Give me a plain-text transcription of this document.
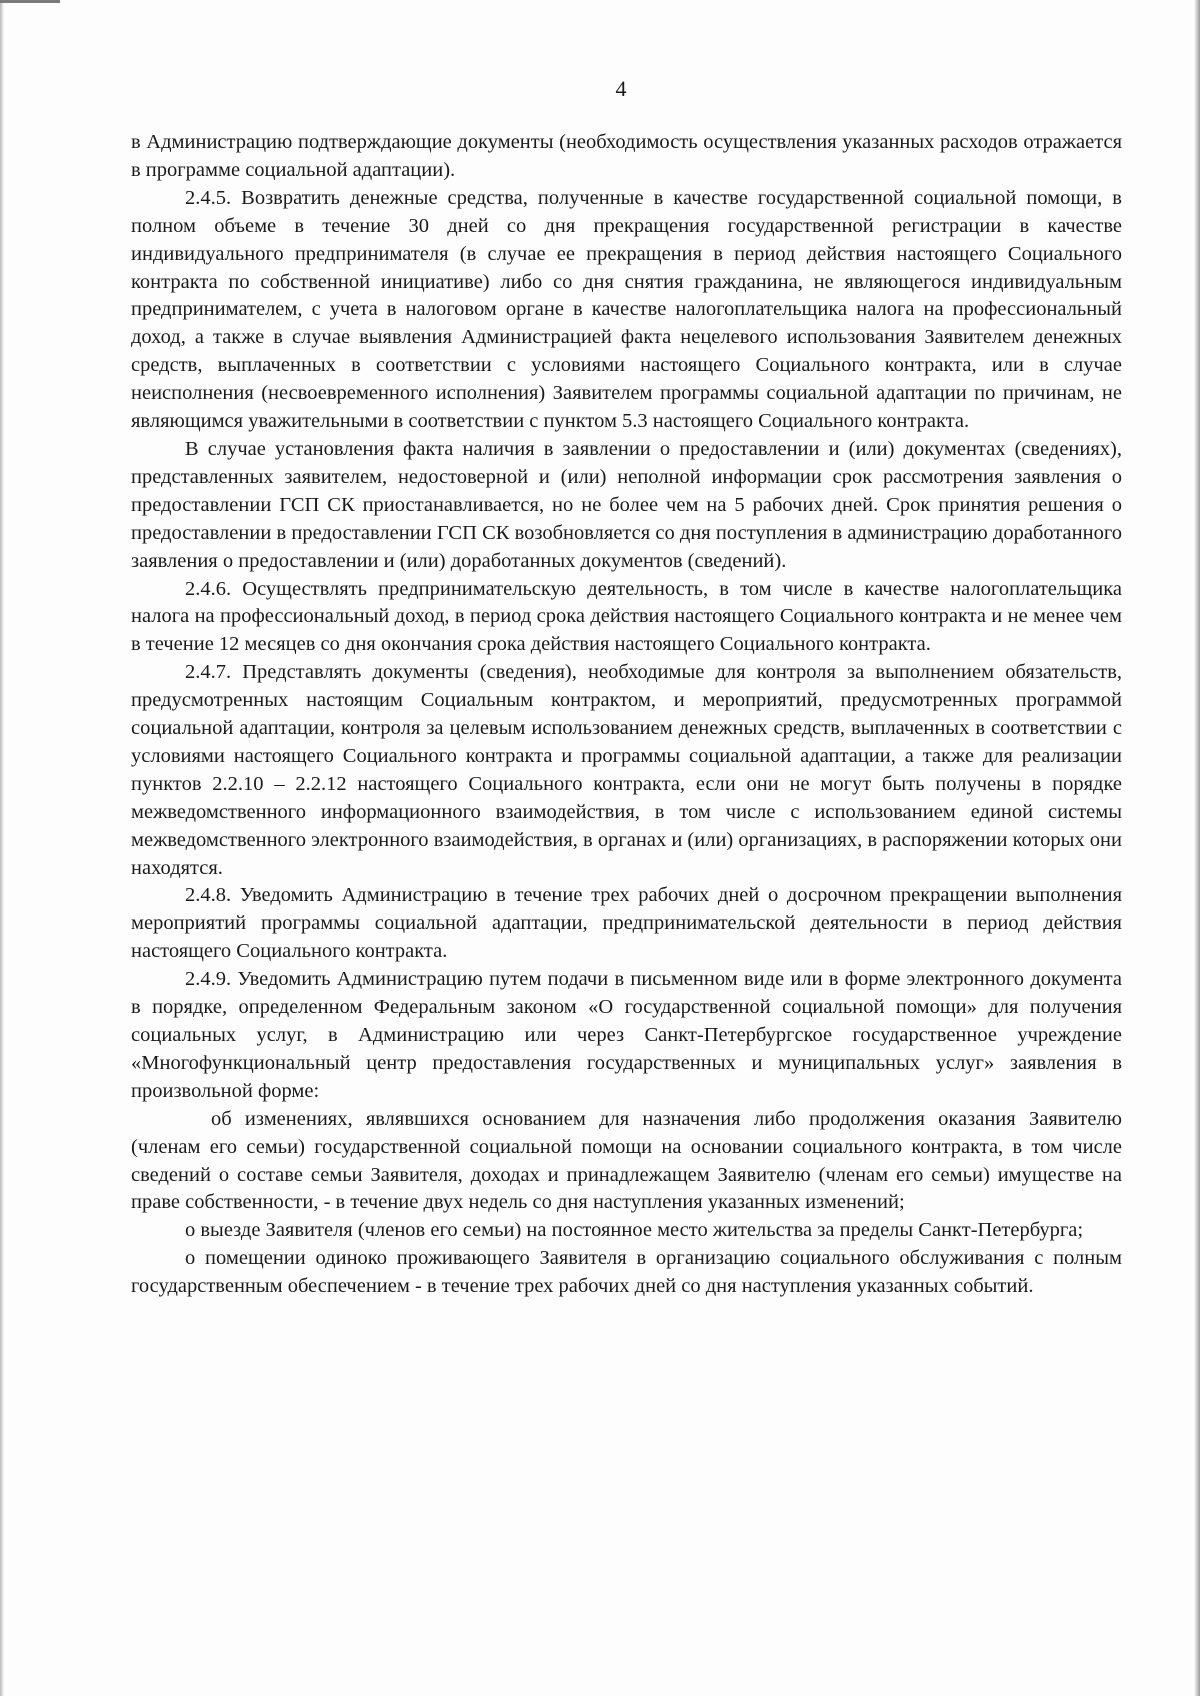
4

в Администрацию подтверждающие документы (необходимость осуществления указанных расходов отражается в программе социальной адаптации).

2.4.5. Возвратить денежные средства, полученные в качестве государственной социальной помощи, в полном объеме в течение 30 дней со дня прекращения государственной регистрации в качестве индивидуального предпринимателя (в случае ее прекращения в период действия настоящего Социального контракта по собственной инициативе) либо со дня снятия гражданина, не являющегося индивидуальным предпринимателем, с учета в налоговом органе в качестве налогоплательщика налога на профессиональный доход, а также в случае выявления Администрацией факта нецелевого использования Заявителем денежных средств, выплаченных в соответствии с условиями настоящего Социального контракта, или в случае неисполнения (несвоевременного исполнения) Заявителем программы социальной адаптации по причинам, не являющимся уважительными в соответствии с пунктом 5.3 настоящего Социального контракта.

В случае установления факта наличия в заявлении о предоставлении и (или) документах (сведениях), представленных заявителем, недостоверной и (или) неполной информации срок рассмотрения заявления о предоставлении ГСП СК приостанавливается, но не более чем на 5 рабочих дней. Срок принятия решения о предоставлении в предоставлении ГСП СК возобновляется со дня поступления в администрацию доработанного заявления о предоставлении и (или) доработанных документов (сведений).

2.4.6. Осуществлять предпринимательскую деятельность, в том числе в качестве налогоплательщика налога на профессиональный доход, в период срока действия настоящего Социального контракта и не менее чем в течение 12 месяцев со дня окончания срока действия настоящего Социального контракта.

2.4.7. Представлять документы (сведения), необходимые для контроля за выполнением обязательств, предусмотренных настоящим Социальным контрактом, и мероприятий, предусмотренных программой социальной адаптации, контроля за целевым использованием денежных средств, выплаченных в соответствии с условиями настоящего Социального контракта и программы социальной адаптации, а также для реализации пунктов 2.2.10 – 2.2.12 настоящего Социального контракта, если они не могут быть получены в порядке межведомственного информационного взаимодействия, в том числе с использованием единой системы межведомственного электронного взаимодействия, в органах и (или) организациях, в распоряжении которых они находятся.

2.4.8. Уведомить Администрацию в течение трех рабочих дней о досрочном прекращении выполнения мероприятий программы социальной адаптации, предпринимательской деятельности в период действия настоящего Социального контракта.

2.4.9. Уведомить Администрацию путем подачи в письменном виде или в форме электронного документа в порядке, определенном Федеральным законом «О государственной социальной помощи» для получения социальных услуг, в Администрацию или через Санкт-Петербургское государственное учреждение «Многофункциональный центр предоставления государственных и муниципальных услуг» заявления в произвольной форме:

об изменениях, являвшихся основанием для назначения либо продолжения оказания Заявителю (членам его семьи) государственной социальной помощи на основании социального контракта, в том числе сведений о составе семьи Заявителя, доходах и принадлежащем Заявителю (членам его семьи) имуществе на праве собственности, - в течение двух недель со дня наступления указанных изменений;

о выезде Заявителя (членов его семьи) на постоянное место жительства за пределы Санкт-Петербурга;

о помещении одиноко проживающего Заявителя в организацию социального обслуживания с полным государственным обеспечением - в течение трех рабочих дней со дня наступления указанных событий.
